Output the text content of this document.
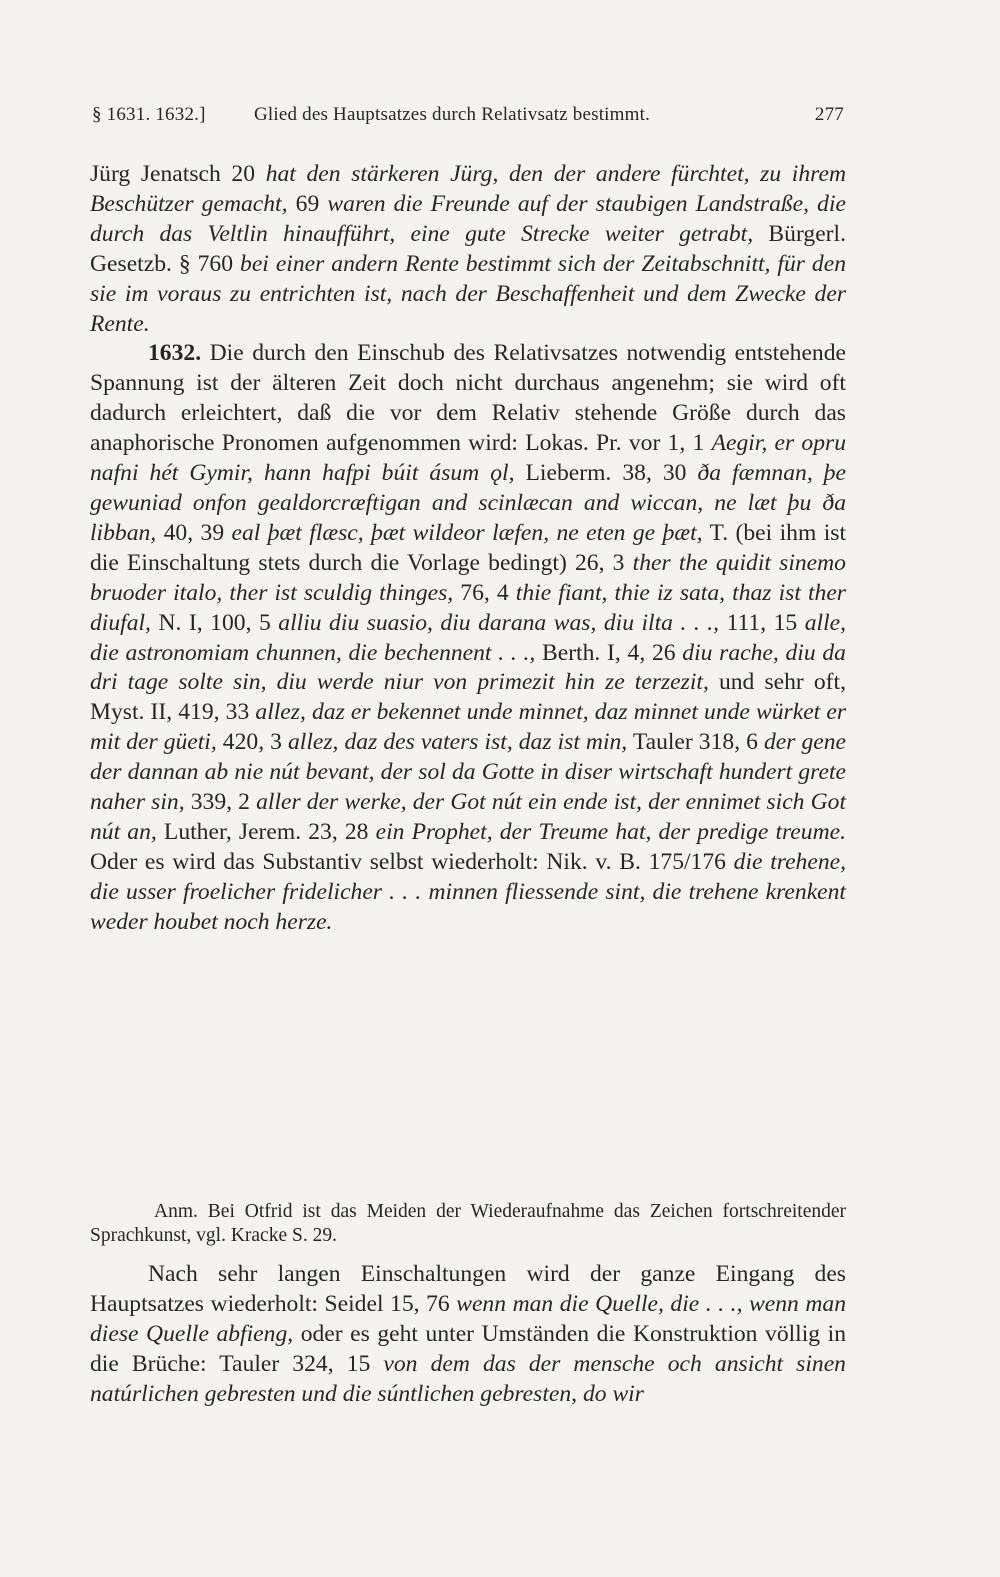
§ 1631. 1632.]	Glied des Hauptsatzes durch Relativsatz bestimmt.	277

Jürg Jenatsch 20 hat den stärkeren Jürg, den der andere fürchtet, zu ihrem Beschützer gemacht, 69 waren die Freunde auf der staubigen Landstraße, die durch das Veltlin hinaufführt, eine gute Strecke weiter getrabt, Bürgerl. Gesetzb. § 760 bei einer andern Rente bestimmt sich der Zeitabschnitt, für den sie im voraus zu entrichten ist, nach der Beschaffenheit und dem Zwecke der Rente.

1632. Die durch den Einschub des Relativsatzes notwendig entstehende Spannung ist der älteren Zeit doch nicht durchaus angenehm; sie wird oft dadurch erleichtert, daß die vor dem Relativ stehende Größe durch das anaphorische Pronomen aufgenommen wird: Lokas. Pr. vor 1, 1 Aegir, er opru nafni hét Gymir, hann hafpi búit ásum ǫl, Lieberm. 38, 30 ða fæmnan, þe gewuniad onfon gealdorcræftigan and scinlæcan and wiccan, ne læt þu ða libban, 40, 39 eal þæt flæsc, þæt wildeor læfen, ne eten ge þæt, T. (bei ihm ist die Einschaltung stets durch die Vorlage bedingt) 26, 3 ther the quidit sinemo bruoder italo, ther ist sculdig thinges, 76, 4 thie fiant, thie iz sata, thaz ist ther diufal, N. I, 100, 5 alliu diu suasio, diu darana was, diu ilta . . ., 111, 15 alle, die astronomiam chunnen, die bechennent . . ., Berth. I, 4, 26 diu rache, diu da dri tage solte sin, diu werde niur von primezit hin ze terzezit, und sehr oft, Myst. II, 419, 33 allez, daz er bekennet unde minnet, daz minnet unde würket er mit der güeti, 420, 3 allez, daz des vaters ist, daz ist min, Tauler 318, 6 der gene der dannan ab nie nút bevant, der sol da Gotte in diser wirtschaft hundert grete naher sin, 339, 2 aller der werke, der Got nút ein ende ist, der ennimet sich Got nút an, Luther, Jerem. 23, 28 ein Prophet, der Treume hat, der predige treume. Oder es wird das Substantiv selbst wiederholt: Nik. v. B. 175/176 die trehene, die usser froelicher fridelicher . . . minnen fliessende sint, die trehene krenkent weder houbet noch herze.

Anm. Bei Otfrid ist das Meiden der Wiederaufnahme das Zeichen fortschreitender Sprachkunst, vgl. Kracke S. 29.

Nach sehr langen Einschaltungen wird der ganze Eingang des Hauptsatzes wiederholt: Seidel 15, 76 wenn man die Quelle, die . . ., wenn man diese Quelle abfieng, oder es geht unter Umständen die Konstruktion völlig in die Brüche: Tauler 324, 15 von dem das der mensche och ansicht sinen natúrlichen gebresten und die súntlichen gebresten, do wir
